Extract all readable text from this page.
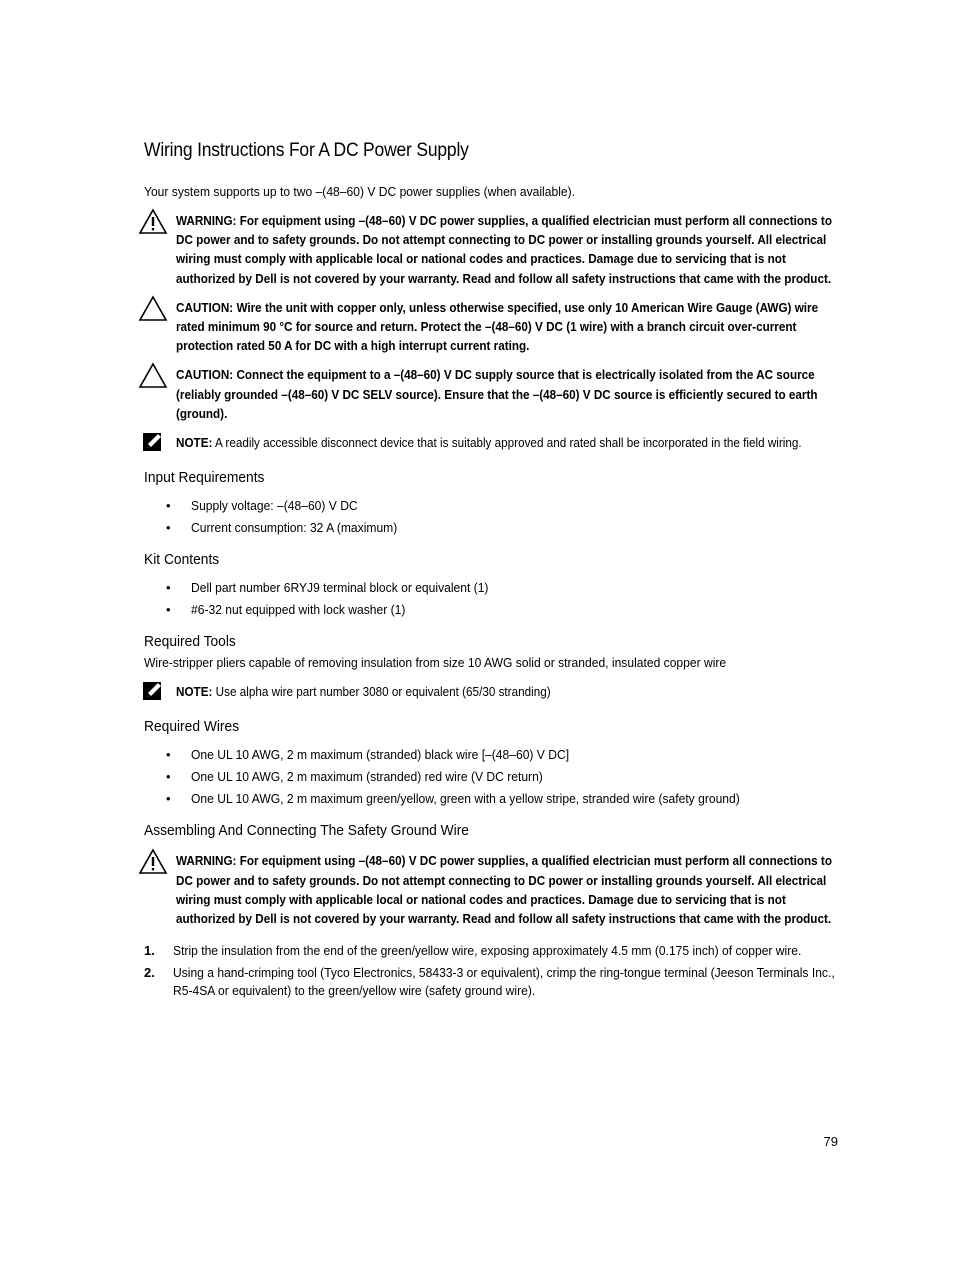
Wiring Instructions For A DC Power Supply

Your system supports up to two –(48–60) V DC power supplies (when available).

WARNING: For equipment using –(48–60) V DC power supplies, a qualified electrician must perform all connections to DC power and to safety grounds. Do not attempt connecting to DC power or installing grounds yourself. All electrical wiring must comply with applicable local or national codes and practices. Damage due to servicing that is not authorized by Dell is not covered by your warranty. Read and follow all safety instructions that came with the product.
CAUTION: Wire the unit with copper only, unless otherwise specified, use only 10 American Wire Gauge (AWG) wire rated minimum 90 °C for source and return. Protect the –(48–60) V DC (1 wire) with a branch circuit over-current protection rated 50 A for DC with a high interrupt current rating.
CAUTION: Connect the equipment to a –(48–60) V DC supply source that is electrically isolated from the AC source (reliably grounded –(48–60) V DC SELV source). Ensure that the –(48–60) V DC source is efficiently secured to earth (ground).
NOTE: A readily accessible disconnect device that is suitably approved and rated shall be incorporated in the field wiring.
Input Requirements
• Supply voltage: –(48–60) V DC
• Current consumption: 32 A (maximum)
Kit Contents
• Dell part number 6RYJ9 terminal block or equivalent (1)
• #6-32 nut equipped with lock washer (1)
Required Tools

Wire-stripper pliers capable of removing insulation from size 10 AWG solid or stranded, insulated copper wire

NOTE: Use alpha wire part number 3080 or equivalent (65/30 stranding)
Required Wires
• One UL 10 AWG, 2 m maximum (stranded) black wire [–(48–60) V DC]
• One UL 10 AWG, 2 m maximum (stranded) red wire (V DC return)
• One UL 10 AWG, 2 m maximum green/yellow, green with a yellow stripe, stranded wire (safety ground)
Assembling And Connecting The Safety Ground Wire
WARNING: For equipment using –(48–60) V DC power supplies, a qualified electrician must perform all connections to DC power and to safety grounds. Do not attempt connecting to DC power or installing grounds yourself. All electrical wiring must comply with applicable local or national codes and practices. Damage due to servicing that is not authorized by Dell is not covered by your warranty. Read and follow all safety instructions that came with the product.
1. Strip the insulation from the end of the green/yellow wire, exposing approximately 4.5 mm (0.175 inch) of copper wire.
2. Using a hand-crimping tool (Tyco Electronics, 58433-3 or equivalent), crimp the ring-tongue terminal (Jeeson Terminals Inc., R5-4SA or equivalent) to the green/yellow wire (safety ground wire).
79
